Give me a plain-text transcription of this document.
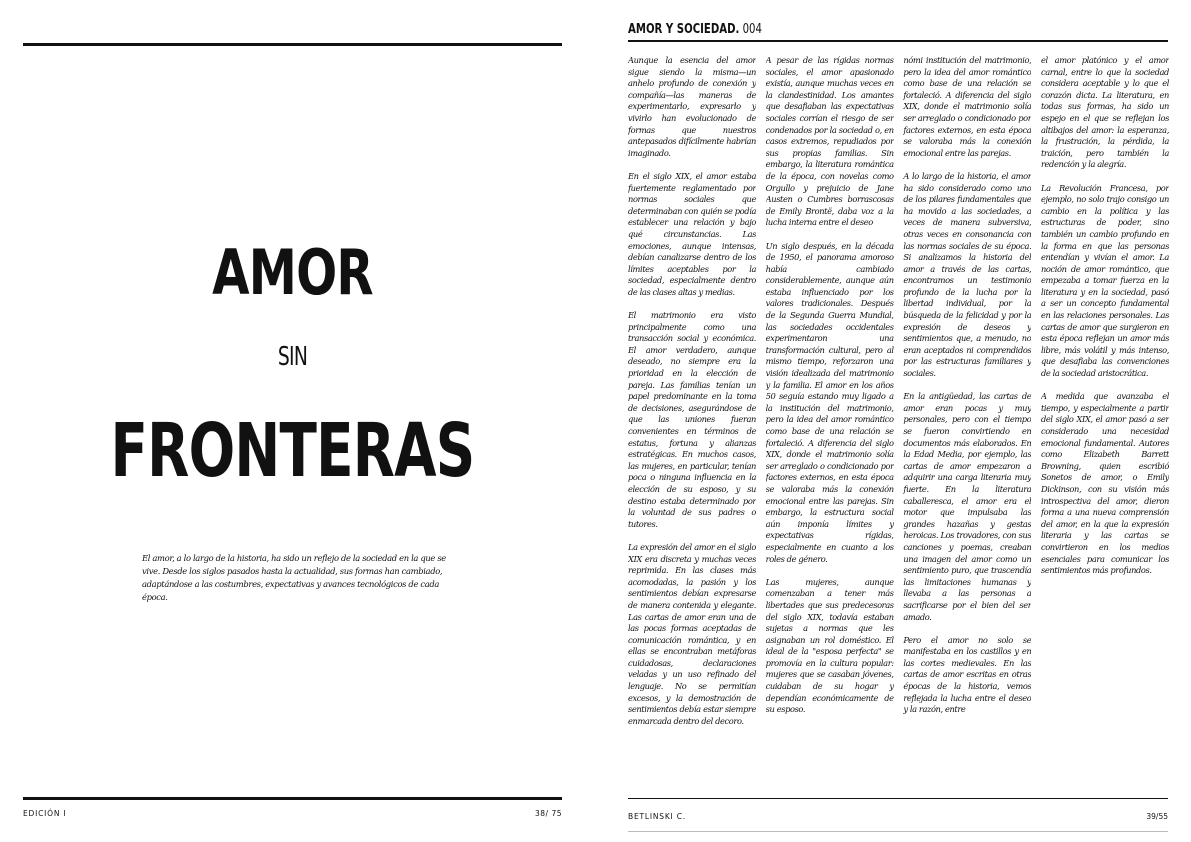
AMOR
SIN
FRONTERAS

El amor, a lo largo de la historia, ha sido un reflejo de la sociedad en la que se vive. Desde los siglos pasados hasta la actualidad, sus formas han cambiado, adaptándose a las costumbres, expectativas y avances tecnológicos de cada época.

EDICIÓN I	38/ 75
AMOR Y SOCIEDAD. 004

Aunque la esencia del amor sigue siendo la misma—un anhelo profundo de conexión y compañía—las maneras de experimentarlo, expresarlo y vivirlo han evolucionado de formas que nuestros antepasados difícilmente habrían imaginado.

En el siglo XIX, el amor estaba fuertemente reglamentado por normas sociales que determinaban con quién se podía establecer una relación y bajo qué circunstancias. Las emociones, aunque intensas, debían canalizarse dentro de los límites aceptables por la sociedad, especialmente dentro de las clases altas y medias.

El matrimonio era visto principalmente como una transacción social y económica. El amor verdadero, aunque deseado, no siempre era la prioridad en la elección de pareja. Las familias tenían un papel predominante en la toma de decisiones, asegurándose de que las uniones fueran convenientes en términos de estatus, fortuna y alianzas estratégicas. En muchos casos, las mujeres, en particular, tenían poca o ninguna influencia en la elección de su esposo, y su destino estaba determinado por la voluntad de sus padres o tutores.

La expresión del amor en el siglo XIX era discreta y muchas veces reprimida. En las clases más acomodadas, la pasión y los sentimientos debían expresarse de manera contenida y elegante. Las cartas de amor eran una de las pocas formas aceptadas de comunicación romántica, y en ellas se encontraban metáforas cuidadosas, declaraciones veladas y un uso refinado del lenguaje. No se permitían excesos, y la demostración de sentimientos debía estar siempre enmarcada dentro del decoro.

A pesar de las rígidas normas sociales, el amor apasionado existía, aunque muchas veces en la clandestinidad. Los amantes que desafiaban las expectativas sociales corrían el riesgo de ser condenados por la sociedad o, en casos extremos, repudiados por sus propias familias. Sin embargo, la literatura romántica de la época, con novelas como Orgullo y prejuicio de Jane Austen o Cumbres borrascosas de Emily Brontë, daba voz a la lucha interna entre el deseo

Un siglo después, en la década de 1950, el panorama amoroso había cambiado considerablemente, aunque aún estaba influenciado por los valores tradicionales. Después de la Segunda Guerra Mundial, las sociedades occidentales experimentaron una transformación cultural, pero al mismo tiempo, reforzaron una visión idealizada del matrimonio y la familia. El amor en los años 50 seguía estando muy ligado a la institución del matrimonio, pero la idea del amor romántico como base de una relación se fortaleció. A diferencia del siglo XIX, donde el matrimonio solía ser arreglado o condicionado por factores externos, en esta época se valoraba más la conexión emocional entre las parejas. Sin embargo, la estructura social aún imponía límites y expectativas rígidas, especialmente en cuanto a los roles de género.

Las mujeres, aunque comenzaban a tener más libertades que sus predecesoras del siglo XIX, todavía estaban sujetas a normas que les asignaban un rol doméstico. El ideal de la "esposa perfecta" se promovía en la cultura popular: mujeres que se casaban jóvenes, cuidaban de su hogar y dependían económicamente de su esposo.

nómi institución del matrimonio, pero la idea del amor romántico como base de una relación se fortaleció. A diferencia del siglo XIX, donde el matrimonio solía ser arreglado o condicionado por factores externos, en esta época se valoraba más la conexión emocional entre las parejas.

A lo largo de la historia, el amor ha sido considerado como uno de los pilares fundamentales que ha movido a las sociedades, a veces de manera subversiva, otras veces en consonancia con las normas sociales de su época. Si analizamos la historia del amor a través de las cartas, encontramos un testimonio profundo de la lucha por la libertad individual, por la búsqueda de la felicidad y por la expresión de deseos y sentimientos que, a menudo, no eran aceptados ni comprendidos por las estructuras familiares y sociales.

En la antigüedad, las cartas de amor eran pocas y muy personales, pero con el tiempo se fueron convirtiendo en documentos más elaborados. En la Edad Media, por ejemplo, las cartas de amor empezaron a adquirir una carga literaria muy fuerte. En la literatura caballeresca, el amor era el motor que impulsaba las grandes hazañas y gestas heroicas. Los trovadores, con sus canciones y poemas, creaban una imagen del amor como un sentimiento puro, que trascendía las limitaciones humanas y llevaba a las personas a sacrificarse por el bien del ser amado.

Pero el amor no solo se manifestaba en los castillos y en las cortes medievales. En las cartas de amor escritas en otras épocas de la historia, vemos reflejada la lucha entre el deseo y la razón, entre

el amor platónico y el amor carnal, entre lo que la sociedad considera aceptable y lo que el corazón dicta. La literatura, en todas sus formas, ha sido un espejo en el que se reflejan los altibajos del amor: la esperanza, la frustración, la pérdida, la traición, pero también la redención y la alegría.

La Revolución Francesa, por ejemplo, no solo trajo consigo un cambio en la política y las estructuras de poder, sino también un cambio profundo en la forma en que las personas entendían y vivían el amor. La noción de amor romántico, que empezaba a tomar fuerza en la literatura y en la sociedad, pasó a ser un concepto fundamental en las relaciones personales. Las cartas de amor que surgieron en esta época reflejan un amor más libre, más volátil y más intenso, que desafiaba las convenciones de la sociedad aristocrática.

A medida que avanzaba el tiempo, y especialmente a partir del siglo XIX, el amor pasó a ser considerado una necesidad emocional fundamental. Autores como Elizabeth Barrett Browning, quien escribió Sonetos de amor, o Emily Dickinson, con su visión más introspectiva del amor, dieron forma a una nueva comprensión del amor, en la que la expresión literaria y las cartas se convirtieron en los medios esenciales para comunicar los sentimientos más profundos.

BETLINSKI C.	39/55
